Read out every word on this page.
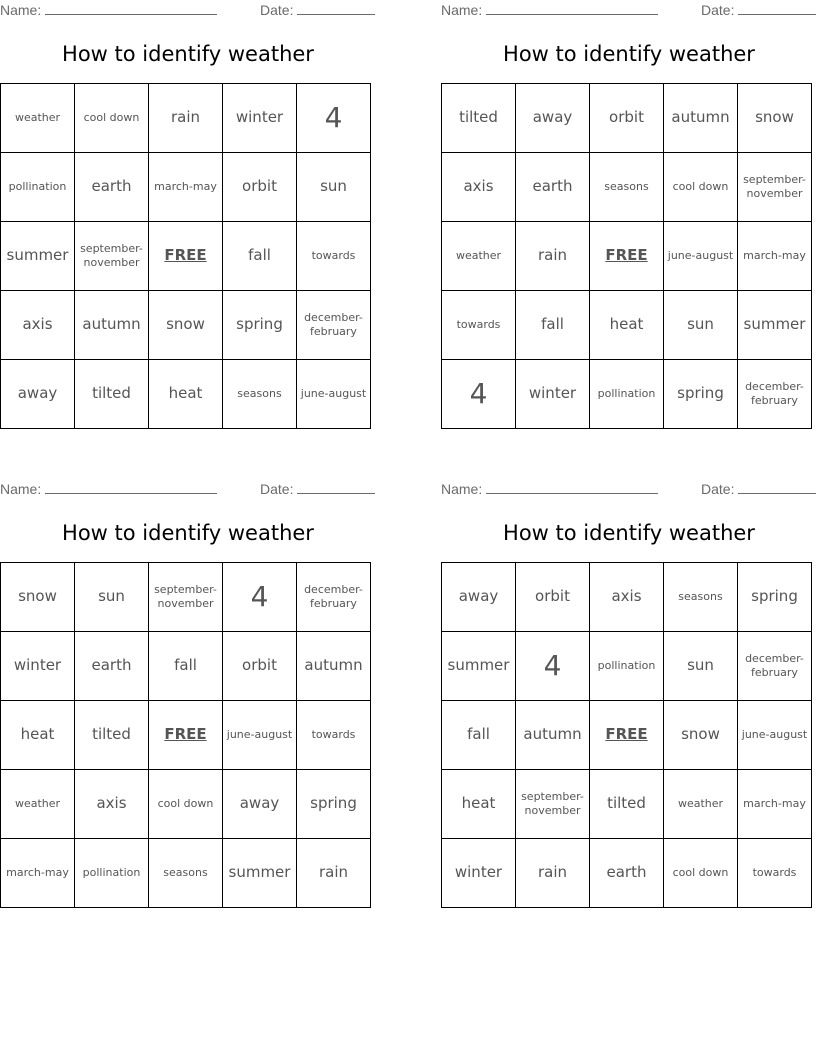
Name:	Date:
How to identify weather
weather	cool down	rain	winter	4
pollination	earth	march-may	orbit	sun
summer	september-november	FREE	fall	towards
axis	autumn	snow	spring	december-february
away	tilted	heat	seasons	june-august
Name:	Date:
How to identify weather
tilted	away	orbit	autumn	snow
axis	earth	seasons	cool down	september-november
weather	rain	FREE	june-august	march-may
towards	fall	heat	sun	summer
4	winter	pollination	spring	december-february
Name:	Date:
How to identify weather
snow	sun	september-november	4	december-february
winter	earth	fall	orbit	autumn
heat	tilted	FREE	june-august	towards
weather	axis	cool down	away	spring
march-may	pollination	seasons	summer	rain
Name:	Date:
How to identify weather
away	orbit	axis	seasons	spring
summer	4	pollination	sun	december-february
fall	autumn	FREE	snow	june-august
heat	september-november	tilted	weather	march-may
winter	rain	earth	cool down	towards
